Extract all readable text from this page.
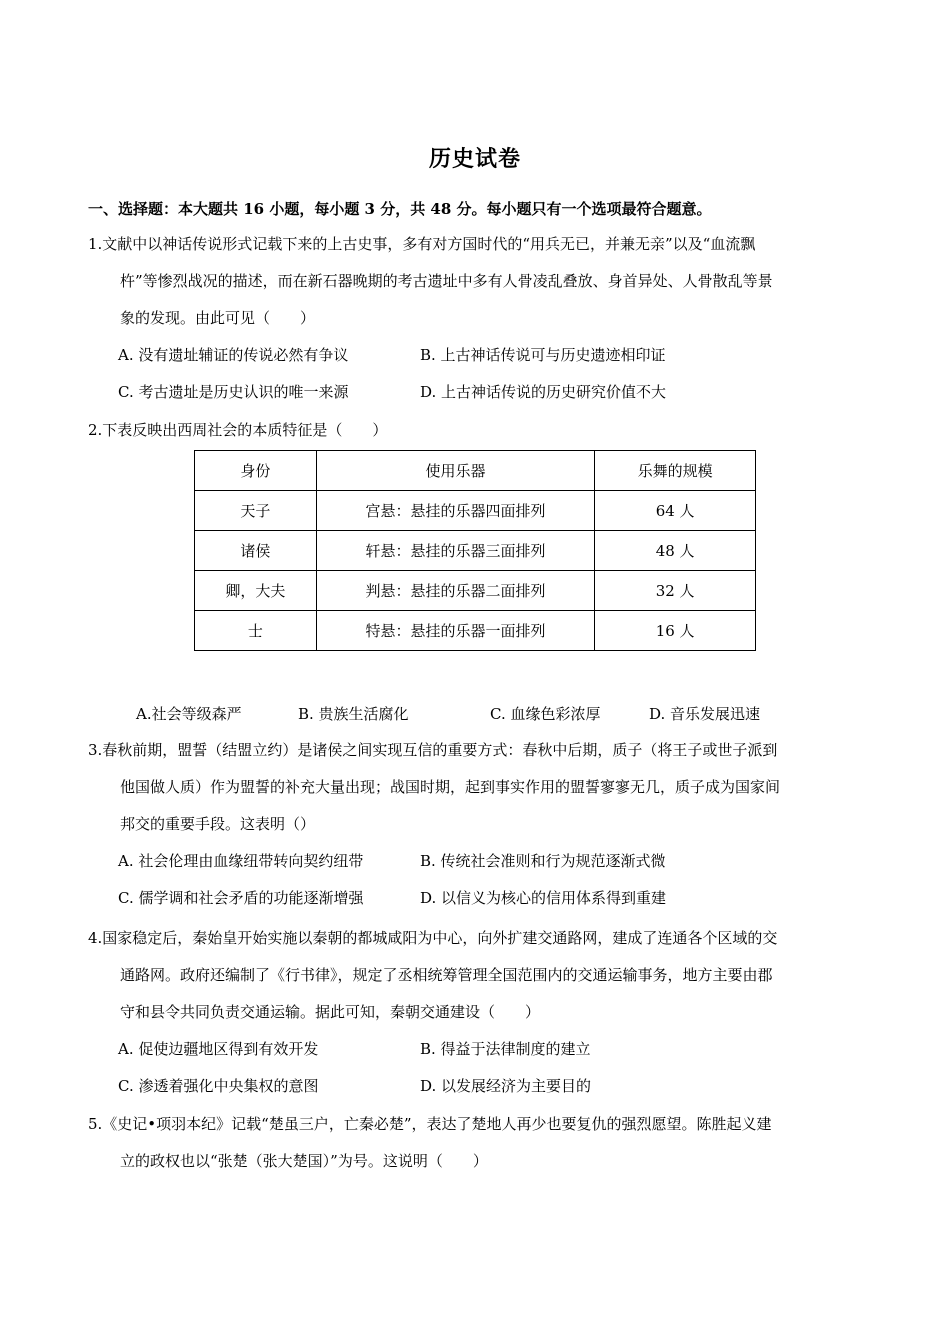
历史试卷
一、选择题：本大题共 16 小题，每小题 3 分，共 48 分。每小题只有一个选项最符合题意。
1.文献中以神话传说形式记载下来的上古史事，多有对方国时代的“用兵无已，并兼无亲”以及“血流飘
杵”等惨烈战况的描述，而在新石器晚期的考古遗址中多有人骨凌乱叠放、身首异处、人骨散乱等景
象的发现。由此可见（　　）
A. 没有遗址辅证的传说必然有争议	B. 上古神话传说可与历史遗迹相印证
C. 考古遗址是历史认识的唯一来源	D. 上古神话传说的历史研究价值不大
2.下表反映出西周社会的本质特征是（　　）
身份	使用乐器	乐舞的规模
天子	宫悬：悬挂的乐器四面排列	64 人
诸侯	轩悬：悬挂的乐器三面排列	48 人
卿，大夫	判悬：悬挂的乐器二面排列	32 人
士	特悬：悬挂的乐器一面排列	16 人
A.社会等级森严	B. 贵族生活腐化	C. 血缘色彩浓厚	D. 音乐发展迅速
3.春秋前期，盟誓（结盟立约）是诸侯之间实现互信的重要方式：春秋中后期，质子（将王子或世子派到
他国做人质）作为盟誓的补充大量出现；战国时期，起到事实作用的盟誓寥寥无几，质子成为国家间
邦交的重要手段。这表明（）
A. 社会伦理由血缘纽带转向契约纽带	B. 传统社会准则和行为规范逐渐式微
C. 儒学调和社会矛盾的功能逐渐增强	D. 以信义为核心的信用体系得到重建
4.国家稳定后，秦始皇开始实施以秦朝的都城咸阳为中心，向外扩建交通路网，建成了连通各个区域的交
通路网。政府还编制了《行书律》，规定了丞相统筹管理全国范围内的交通运输事务，地方主要由郡
守和县令共同负责交通运输。据此可知，秦朝交通建设（　　）
A. 促使边疆地区得到有效开发	B. 得益于法律制度的建立
C. 渗透着强化中央集权的意图	D. 以发展经济为主要目的
5.《史记•项羽本纪》记载“楚虽三户，亡秦必楚”，表达了楚地人再少也要复仇的强烈愿望。陈胜起义建
立的政权也以“张楚（张大楚国）”为号。这说明（　　）
